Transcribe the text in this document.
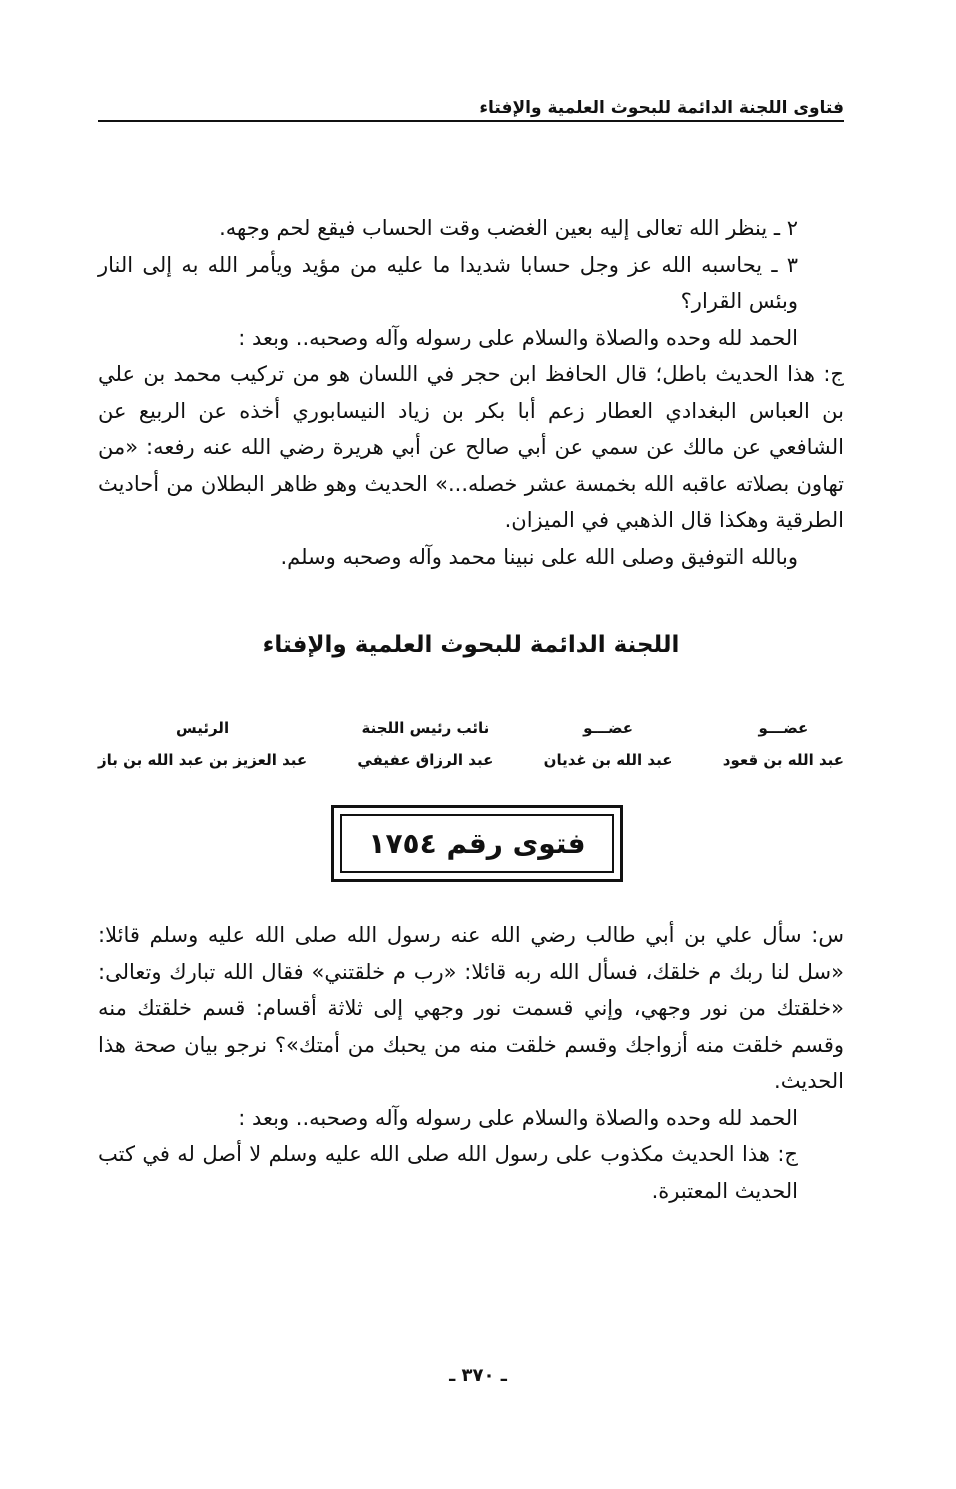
فتاوى اللجنة الدائمة للبحوث العلمية والإفتاء

٢ ـ ينظر الله تعالى إليه بعين الغضب وقت الحساب فيقع لحم وجهه.

٣ ـ يحاسبه الله عز وجل حسابا شديدا ما عليه من مؤيد ويأمر الله به إلى النار وبئس القرار؟

الحمد لله وحده والصلاة والسلام على رسوله وآله وصحبه.. وبعد :

ج: هذا الحديث باطل؛ قال الحافظ ابن حجر في اللسان هو من تركيب محمد بن علي بن العباس البغدادي العطار زعم أبا بكر بن زياد النيسابوري أخذه عن الربيع عن الشافعي عن مالك عن سمي عن أبي صالح عن أبي هريرة رضي الله عنه رفعه: «من تهاون بصلاته عاقبه الله بخمسة عشر خصله...» الحديث وهو ظاهر البطلان من أحاديث الطرقية وهكذا قال الذهبي في الميزان.

وبالله التوفيق وصلى الله على نبينا محمد وآله وصحبه وسلم.

اللجنة الدائمة للبحوث العلمية والإفتاء
عضـــو
عبد الله بن قعود
عضـــو
عبد الله بن غديان
نائب رئيس اللجنة
عبد الرزاق عفيفي
الرئيس
عبد العزيز بن عبد الله بن باز
فتوى رقم ١٧٥٤

س: سأل علي بن أبي طالب رضي الله عنه رسول الله صلى الله عليه وسلم قائلا: «سل لنا ربك م خلقك، فسأل الله ربه قائلا: «رب م خلقتني» فقال الله تبارك وتعالى: «خلقتك من نور وجهي، وإني قسمت نور وجهي إلى ثلاثة أقسام: قسم خلقتك منه وقسم خلقت منه أزواجك وقسم خلقت منه من يحبك من أمتك»؟ نرجو بيان صحة هذا الحديث.

الحمد لله وحده والصلاة والسلام على رسوله وآله وصحبه.. وبعد :

ج: هذا الحديث مكذوب على رسول الله صلى الله عليه وسلم لا أصل له في كتب الحديث المعتبرة.

ـ ٣٧٠ ـ
